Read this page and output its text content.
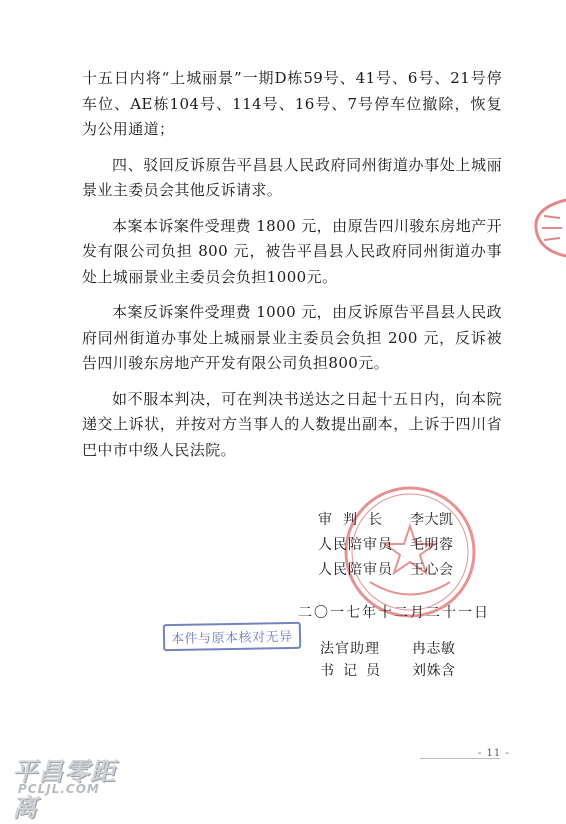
十五日内将“上城丽景”一期D栋59号、41号、6号、21号停车位、AE栋104号、114号、16号、7号停车位撤除，恢复为公用通道；

四、驳回反诉原告平昌县人民政府同州街道办事处上城丽景业主委员会其他反诉请求。

本案本诉案件受理费 1800 元，由原告四川骏东房地产开发有限公司负担 800 元，被告平昌县人民政府同州街道办事处上城丽景业主委员会负担1000元。

本案反诉案件受理费 1000 元，由反诉原告平昌县人民政府同州街道办事处上城丽景业主委员会负担 200 元，反诉被告四川骏东房地产开发有限公司负担800元。

如不服本判决，可在判决书送达之日起十五日内，向本院递交上诉状，并按对方当事人的人数提出副本，上诉于四川省巴中市中级人民法院。

审判长 李大凯
人民陪审员 毛明蓉
人民陪审员 王心会
二〇一七年十二月二十一日
本件与原本核对无异
法官助理 冉志敏
书记员 刘姝含
- 11 -
平昌零距离
PCLJL.COM
